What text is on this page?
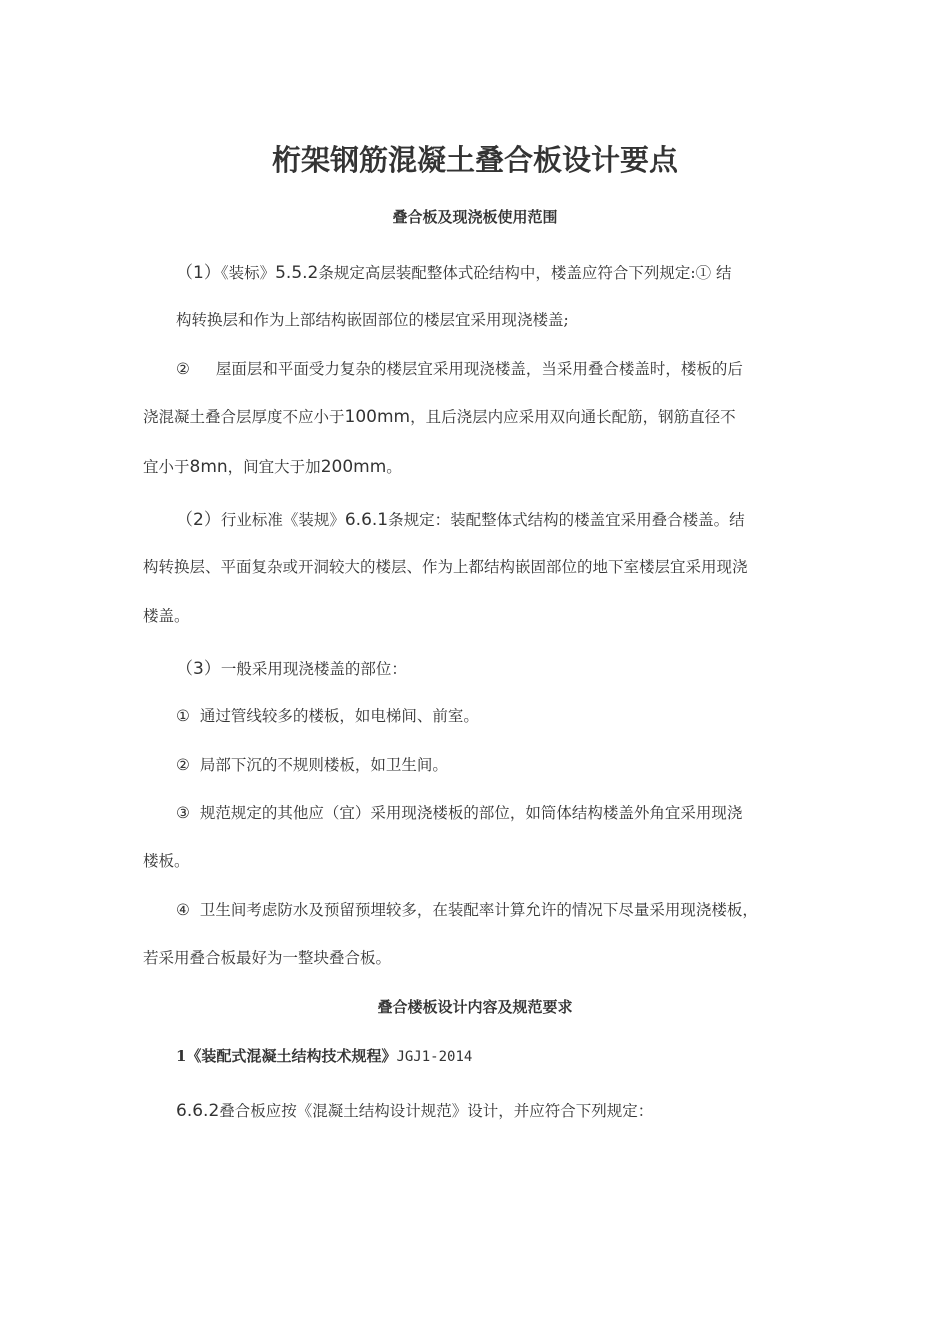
桁架钢筋混凝土叠合板设计要点
叠合板及现浇板使用范围
（1）《装标》5.5.2条规定高层装配整体式砼结构中，楼盖应符合下列规定:① 结
构转换层和作为上部结构嵌固部位的楼层宜采用现浇楼盖;
② 屋面层和平面受力复杂的楼层宜采用现浇楼盖，当采用叠合楼盖时，楼板的后
浇混凝土叠合层厚度不应小于100mm，且后浇层内应采用双向通长配筋，钢筋直径不
宜小于8mn，间宜大于加200mm。
（2）行业标准《装规》6.6.1条规定：装配整体式结构的楼盖宜采用叠合楼盖。结
构转换层、平面复杂或开洞较大的楼层、作为上都结构嵌固部位的地下室楼层宜采用现浇
楼盖。
（3）一般采用现浇楼盖的部位：
① 通过管线较多的楼板，如电梯间、前室。
② 局部下沉的不规则楼板，如卫生间。
③ 规范规定的其他应（宜）采用现浇楼板的部位，如筒体结构楼盖外角宜采用现浇
楼板。
④ 卫生间考虑防水及预留预埋较多，在装配率计算允许的情况下尽量采用现浇楼板，
若采用叠合板最好为一整块叠合板。
叠合楼板设计内容及规范要求
1《装配式混凝土结构技术规程》JGJ1-2014
6.6.2叠合板应按《混凝土结构设计规范》设计，并应符合下列规定：
